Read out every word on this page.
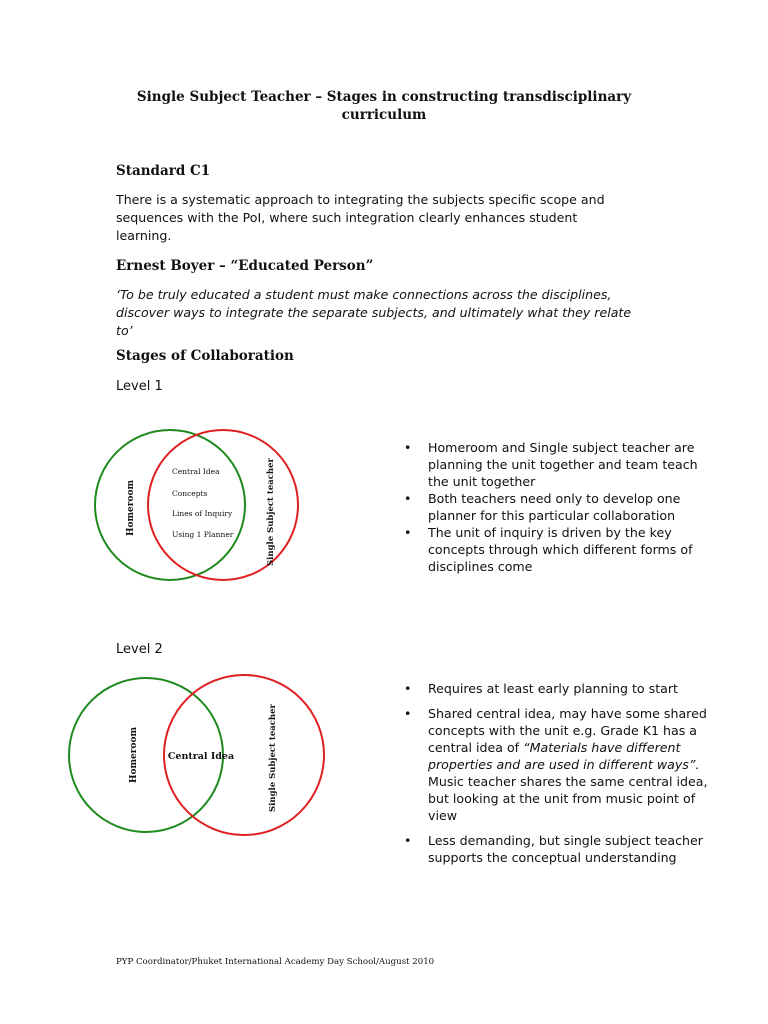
Single Subject Teacher – Stages in constructing transdisciplinary
curriculum
Standard C1

There is a systematic approach to integrating the subjects specific scope and sequences with the PoI, where such integration clearly enhances student learning.

Ernest Boyer – “Educated Person”

‘To be truly educated a student must make connections across the disciplines, discover ways to integrate the separate subjects, and ultimately what they relate to’

Stages of Collaboration
Level 1
Homeroom	Single Subject teacher
Central Idea
Concepts
Lines of Inquiry
Using 1 Planner
• Homeroom and Single subject teacher are planning the unit together and team teach the unit together
• Both teachers need only to develop one planner for this particular collaboration
• The unit of inquiry is driven by the key concepts through which different forms of disciplines come
Level 2
Homeroom	Central Idea	Single Subject teacher
• Requires at least early planning to start
• Shared central idea, may have some shared concepts with the unit e.g. Grade K1 has a central idea of “Materials have different properties and are used in different ways”. Music teacher shares the same central idea, but looking at the unit from music point of view
• Less demanding, but single subject teacher supports the conceptual understanding
PYP Coordinator/Phuket International Academy Day School/August 2010
